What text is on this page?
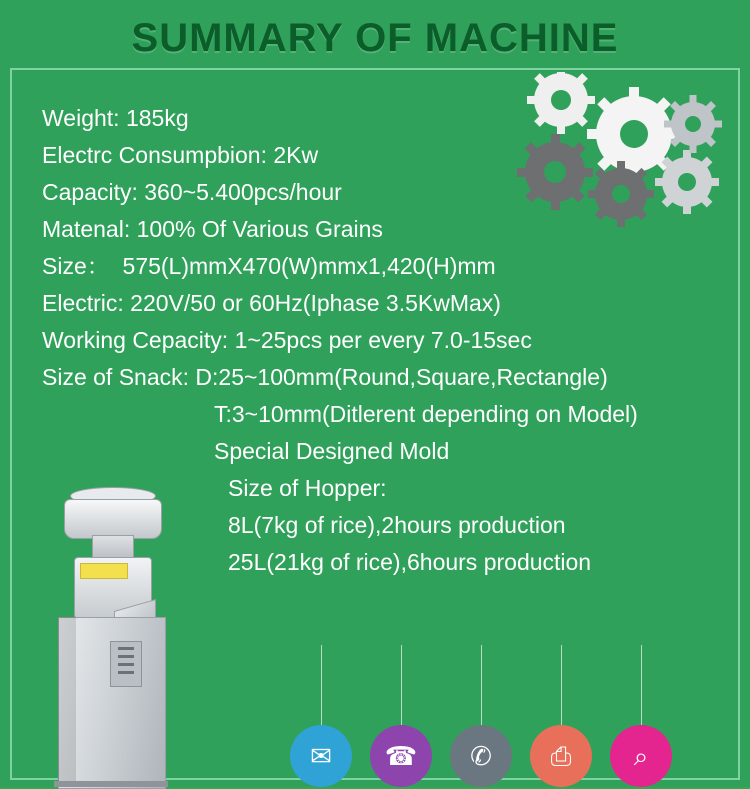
SUMMARY OF MACHINE
Weight: 185kg
Electrc Consumpbion: 2Kw
Capacity: 360~5.400pcs/hour
Matenal: 100% Of Various Grains
Size：  575(L)mmX470(W)mmx1,420(H)mm
Electric: 220V/50 or 60Hz(Iphase 3.5KwMax)
Working Cepacity: 1~25pcs per every 7.0-15sec
Size of Snack: D:25~100mm(Round,Square,Rectangle)
T:3~10mm(Ditlerent depending on Model)
Special Designed Mold
Size of Hopper:
8L(7kg of rice),2hours production
25L(21kg of rice),6hours production
✉ ☎ ✆ ⎙ ⌕
